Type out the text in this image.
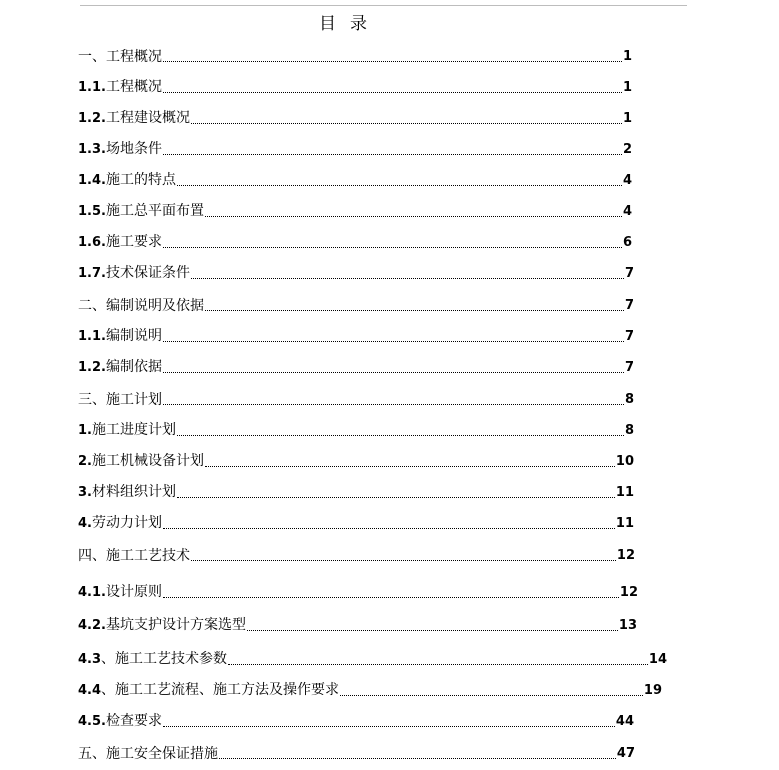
目录
一、工程概况	1
1.1.工程概况	1
1.2.工程建设概况	1
1.3.场地条件	2
1.4.施工的特点	4
1.5.施工总平面布置	4
1.6.施工要求	6
1.7.技术保证条件	7
二、编制说明及依据	7
1.1.编制说明	7
1.2.编制依据	7
三、施工计划	8
1.施工进度计划	8
2.施工机械设备计划	10
3.材料组织计划	11
4.劳动力计划	11
四、施工工艺技术	12
4.1.设计原则	12
4.2.基坑支护设计方案选型	13
4.3、施工工艺技术参数	14
4.4、施工工艺流程、施工方法及操作要求	19
4.5.检查要求	44
五、施工安全保证措施	47
